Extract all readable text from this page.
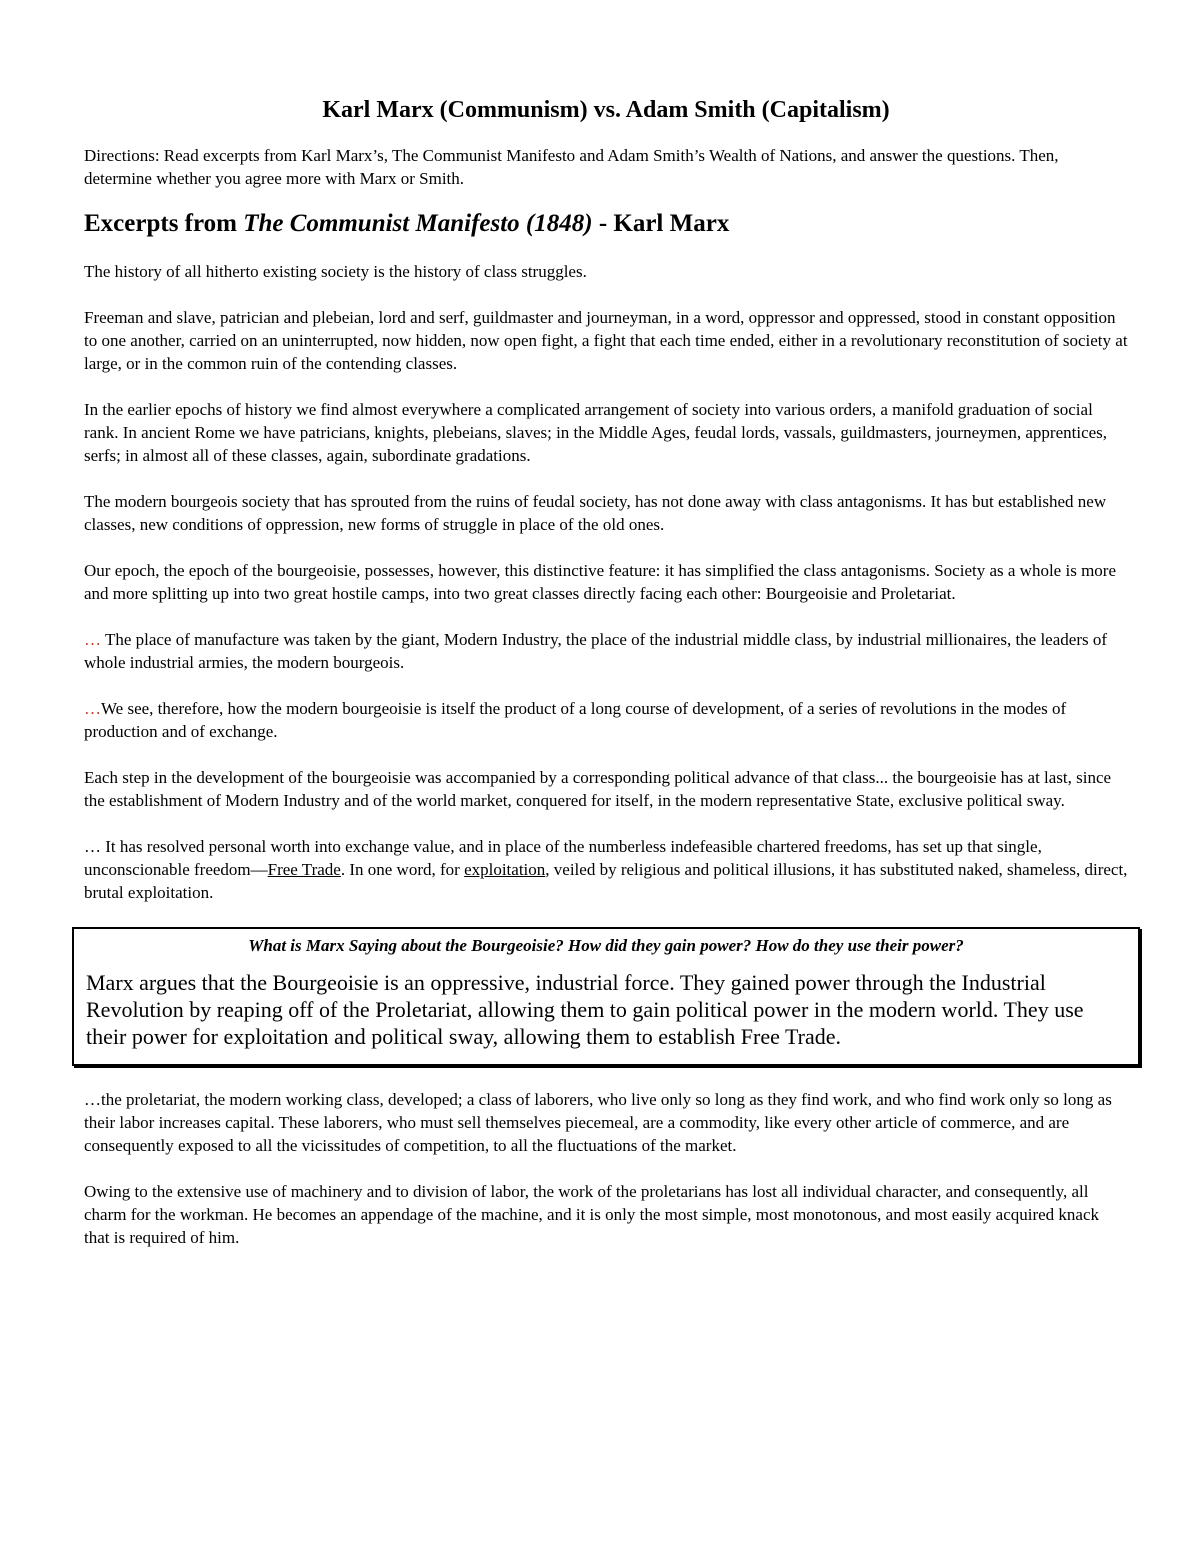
Karl Marx (Communism) vs. Adam Smith (Capitalism)

Directions: Read excerpts from Karl Marx’s, The Communist Manifesto and Adam Smith’s Wealth of Nations, and answer the questions. Then, determine whether you agree more with Marx or Smith.

Excerpts from The Communist Manifesto (1848) - Karl Marx

The history of all hitherto existing society is the history of class struggles.

Freeman and slave, patrician and plebeian, lord and serf, guildmaster and journeyman, in a word, oppressor and oppressed, stood in constant opposition to one another, carried on an uninterrupted, now hidden, now open fight, a fight that each time ended, either in a revolutionary reconstitution of society at large, or in the common ruin of the contending classes.

In the earlier epochs of history we find almost everywhere a complicated arrangement of society into various orders, a manifold graduation of social rank. In ancient Rome we have patricians, knights, plebeians, slaves; in the Middle Ages, feudal lords, vassals, guildmasters, journeymen, apprentices, serfs; in almost all of these classes, again, subordinate gradations.

The modern bourgeois society that has sprouted from the ruins of feudal society, has not done away with class antagonisms. It has but established new classes, new conditions of oppression, new forms of struggle in place of the old ones.

Our epoch, the epoch of the bourgeoisie, possesses, however, this distinctive feature: it has simplified the class antagonisms. Society as a whole is more and more splitting up into two great hostile camps, into two great classes directly facing each other: Bourgeoisie and Proletariat.

… The place of manufacture was taken by the giant, Modern Industry, the place of the industrial middle class, by industrial millionaires, the leaders of whole industrial armies, the modern bourgeois.

…We see, therefore, how the modern bourgeoisie is itself the product of a long course of development, of a series of revolutions in the modes of production and of exchange.

Each step in the development of the bourgeoisie was accompanied by a corresponding political advance of that class... the bourgeoisie has at last, since the establishment of Modern Industry and of the world market, conquered for itself, in the modern representative State, exclusive political sway.

… It has resolved personal worth into exchange value, and in place of the numberless indefeasible chartered freedoms, has set up that single, unconscionable freedom—Free Trade. In one word, for exploitation, veiled by religious and political illusions, it has substituted naked, shameless, direct, brutal exploitation.

What is Marx Saying about the Bourgeoisie? How did they gain power? How do they use their power?

Marx argues that the Bourgeoisie is an oppressive, industrial force. They gained power through the Industrial Revolution by reaping off of the Proletariat, allowing them to gain political power in the modern world. They use their power for exploitation and political sway, allowing them to establish Free Trade.

…the proletariat, the modern working class, developed; a class of laborers, who live only so long as they find work, and who find work only so long as their labor increases capital. These laborers, who must sell themselves piecemeal, are a commodity, like every other article of commerce, and are consequently exposed to all the vicissitudes of competition, to all the fluctuations of the market.

Owing to the extensive use of machinery and to division of labor, the work of the proletarians has lost all individual character, and consequently, all charm for the workman. He becomes an appendage of the machine, and it is only the most simple, most monotonous, and most easily acquired knack that is required of him.
